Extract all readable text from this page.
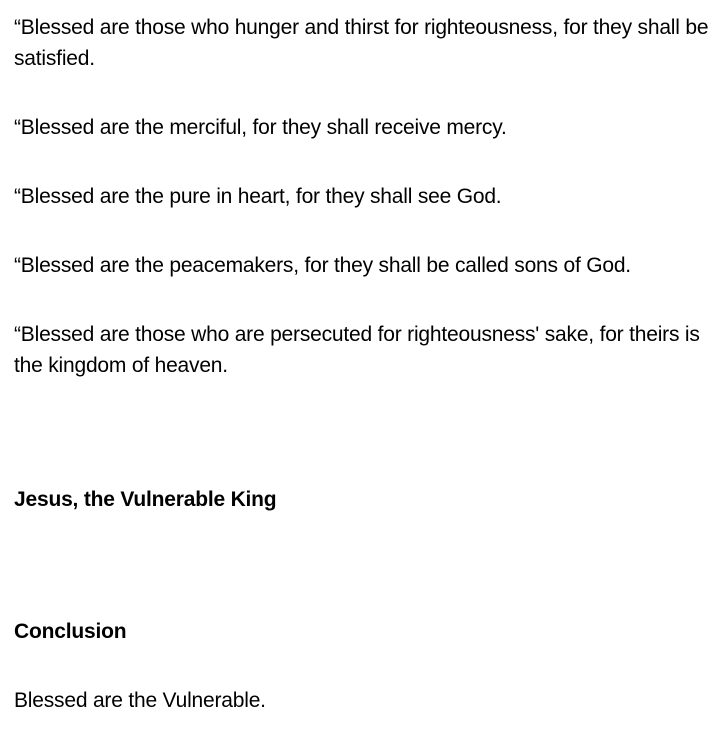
“Blessed are those who hunger and thirst for righteousness, for they shall be satisfied.

“Blessed are the merciful, for they shall receive mercy.

“Blessed are the pure in heart, for they shall see God.

“Blessed are the peacemakers, for they shall be called sons of God.

“Blessed are those who are persecuted for righteousness' sake, for theirs is the kingdom of heaven.

Jesus, the Vulnerable King

Conclusion

Blessed are the Vulnerable.
